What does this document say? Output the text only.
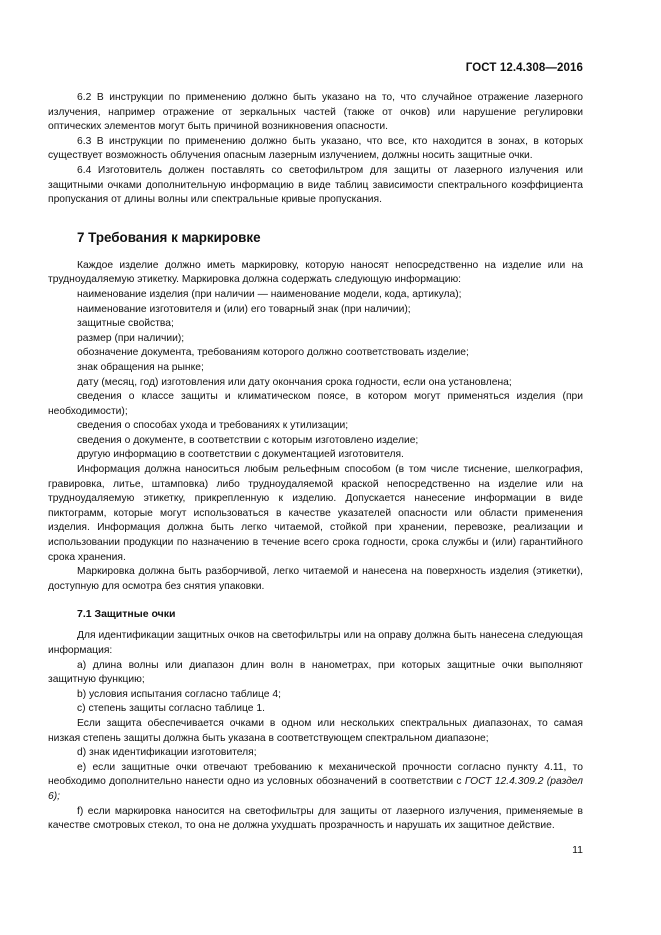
ГОСТ 12.4.308—2016

6.2 В инструкции по применению должно быть указано на то, что случайное отражение лазерного излучения, например отражение от зеркальных частей (также от очков) или нарушение регулировки оптических элементов могут быть причиной возникновения опасности.

6.3 В инструкции по применению должно быть указано, что все, кто находится в зонах, в которых существует возможность облучения опасным лазерным излучением, должны носить защитные очки.

6.4 Изготовитель должен поставлять со светофильтром для защиты от лазерного излучения или защитными очками дополнительную информацию в виде таблиц зависимости спектрального коэффициента пропускания от длины волны или спектральные кривые пропускания.

7 Требования к маркировке

Каждое изделие должно иметь маркировку, которую наносят непосредственно на изделие или на трудноудаляемую этикетку. Маркировка должна содержать следующую информацию:

наименование изделия (при наличии — наименование модели, кода, артикула);

наименование изготовителя и (или) его товарный знак (при наличии);

защитные свойства;

размер (при наличии);

обозначение документа, требованиям которого должно соответствовать изделие;

знак обращения на рынке;

дату (месяц, год) изготовления или дату окончания срока годности, если она установлена;

сведения о классе защиты и климатическом поясе, в котором могут применяться изделия (при необходимости);

сведения о способах ухода и требованиях к утилизации;

сведения о документе, в соответствии с которым изготовлено изделие;

другую информацию в соответствии с документацией изготовителя.

Информация должна наноситься любым рельефным способом (в том числе тиснение, шелкография, гравировка, литье, штамповка) либо трудноудаляемой краской непосредственно на изделие или на трудноудаляемую этикетку, прикрепленную к изделию. Допускается нанесение информации в виде пиктограмм, которые могут использоваться в качестве указателей опасности или области применения изделия. Информация должна быть легко читаемой, стойкой при хранении, перевозке, реализации и использовании продукции по назначению в течение всего срока годности, срока службы и (или) гарантийного срока хранения.

Маркировка должна быть разборчивой, легко читаемой и нанесена на поверхность изделия (этикетки), доступную для осмотра без снятия упаковки.

7.1 Защитные очки

Для идентификации защитных очков на светофильтры или на оправу должна быть нанесена следующая информация:

а) длина волны или диапазон длин волн в нанометрах, при которых защитные очки выполняют защитную функцию;

b) условия испытания согласно таблице 4;

с) степень защиты согласно таблице 1.

Если защита обеспечивается очками в одном или нескольких спектральных диапазонах, то самая низкая степень защиты должна быть указана в соответствующем спектральном диапазоне;

d) знак идентификации изготовителя;

е) если защитные очки отвечают требованию к механической прочности согласно пункту 4.11, то необходимо дополнительно нанести одно из условных обозначений в соответствии с ГОСТ 12.4.309.2 (раздел 6);

f) если маркировка наносится на светофильтры для защиты от лазерного излучения, применяемые в качестве смотровых стекол, то она не должна ухудшать прозрачность и нарушать их защитное действие.

11
